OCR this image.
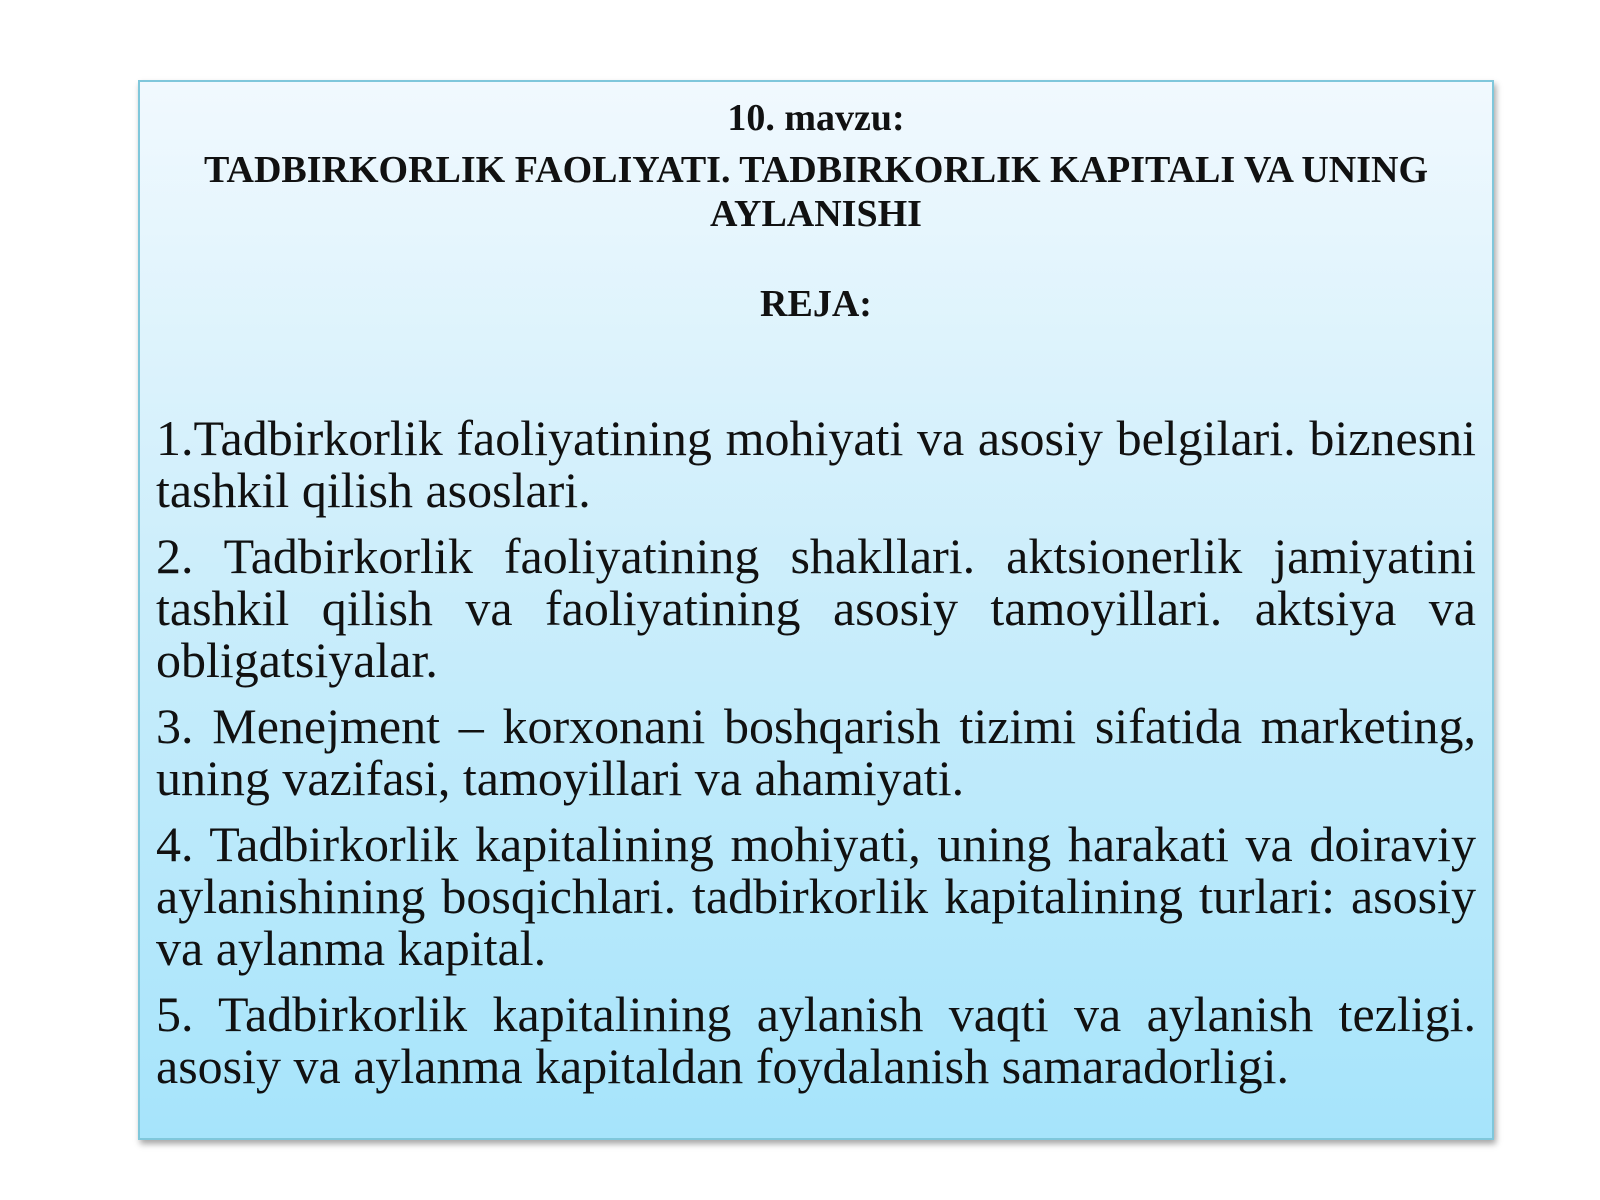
10. mavzu:

TADBIRKORLIK FAOLIYATI. TADBIRKORLIK KAPITALI VA UNING AYLANISHI

REJA:

1.Tadbirkorlik faoliyatining mohiyati va asosiy belgilari. biznesni tashkil qilish asoslari.
2. Tadbirkorlik faoliyatining shakllari. aktsionerlik jamiyatini tashkil qilish va faoliyatining asosiy tamoyillari. aktsiya va obligatsiyalar.
3. Menejment – korxonani boshqarish tizimi sifatida marketing, uning vazifasi, tamoyillari va ahamiyati.
4. Tadbirkorlik kapitalining mohiyati, uning harakati va doiraviy aylanishining bosqichlari. tadbirkorlik kapitalining turlari: asosiy va aylanma kapital.
5. Tadbirkorlik kapitalining aylanish vaqti va aylanish tezligi. asosiy va aylanma kapitaldan foydalanish samaradorligi.
